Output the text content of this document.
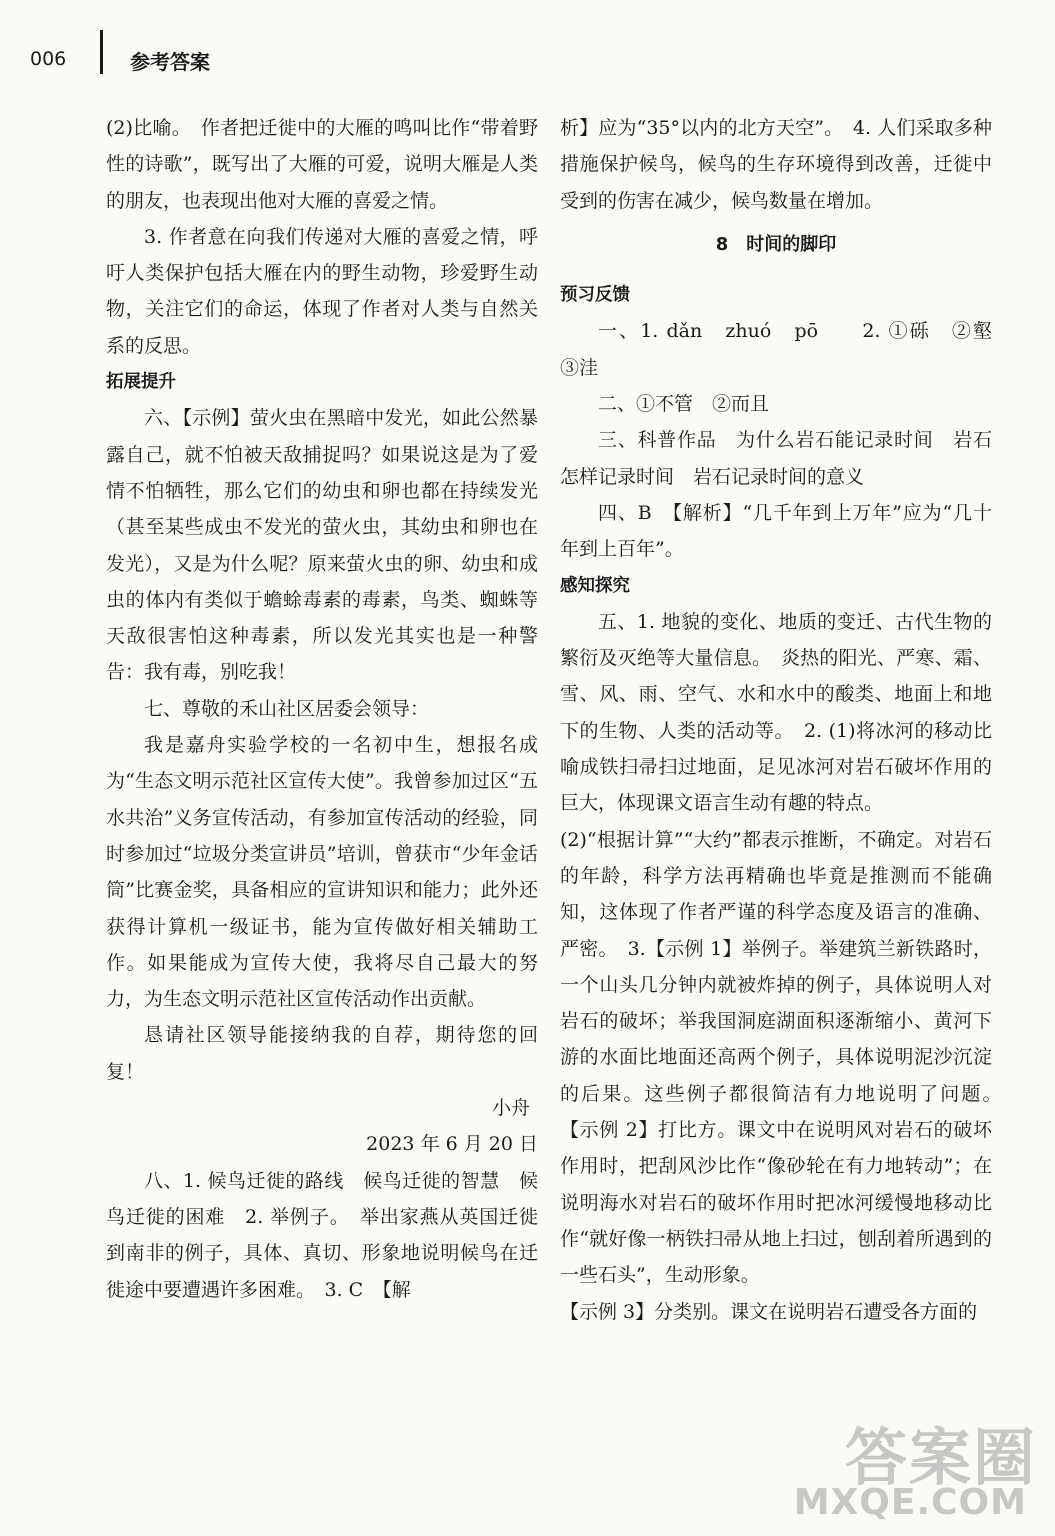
006	参考答案

(2)比喻。　作者把迁徙中的大雁的鸣叫比作“带着野性的诗歌”，既写出了大雁的可爱，说明大雁是人类的朋友，也表现出他对大雁的喜爱之情。

3. 作者意在向我们传递对大雁的喜爱之情，呼吁人类保护包括大雁在内的野生动物，珍爱野生动物，关注它们的命运，体现了作者对人类与自然关系的反思。

拓展提升

六、【示例】萤火虫在黑暗中发光，如此公然暴露自己，就不怕被天敌捕捉吗？如果说这是为了爱情不怕牺牲，那么它们的幼虫和卵也都在持续发光（甚至某些成虫不发光的萤火虫，其幼虫和卵也在发光），又是为什么呢？原来萤火虫的卵、幼虫和成虫的体内有类似于蟾蜍毒素的毒素，鸟类、蜘蛛等天敌很害怕这种毒素，所以发光其实也是一种警告：我有毒，别吃我！

七、尊敬的禾山社区居委会领导：

我是嘉舟实验学校的一名初中生，想报名成为“生态文明示范社区宣传大使”。我曾参加过区“五水共治”义务宣传活动，有参加宣传活动的经验，同时参加过“垃圾分类宣讲员”培训，曾获市“少年金话筒”比赛金奖，具备相应的宣讲知识和能力；此外还获得计算机一级证书，能为宣传做好相关辅助工作。如果能成为宣传大使，我将尽自己最大的努力，为生态文明示范社区宣传活动作出贡献。

恳请社区领导能接纳我的自荐，期待您的回复！

小舟

2023 年 6 月 20 日

八、1. 候鸟迁徙的路线　候鸟迁徙的智慧　候鸟迁徙的困难　2. 举例子。　举出家燕从英国迁徙到南非的例子，具体、真切、形象地说明候鸟在迁徙途中要遭遇许多困难。　3. C　【解

析】应为“35°以内的北方天空”。　4. 人们采取多种措施保护候鸟，候鸟的生存环境得到改善，迁徙中受到的伤害在减少，候鸟数量在增加。

8　时间的脚印

预习反馈

一、1. dǎn　zhuó　pō　　2. ①砾　②壑　③洼

二、①不管　②而且

三、科普作品　为什么岩石能记录时间　岩石怎样记录时间　岩石记录时间的意义

四、B　【解析】“几千年到上万年”应为“几十年到上百年”。

感知探究

五、1. 地貌的变化、地质的变迁、古代生物的繁衍及灭绝等大量信息。　炎热的阳光、严寒、霜、雪、风、雨、空气、水和水中的酸类、地面上和地下的生物、人类的活动等。　2. (1)将冰河的移动比喻成铁扫帚扫过地面，足见冰河对岩石破坏作用的巨大，体现课文语言生动有趣的特点。

(2)“根据计算”“大约”都表示推断，不确定。对岩石的年龄，科学方法再精确也毕竟是推测而不能确知，这体现了作者严谨的科学态度及语言的准确、严密。　3.【示例 1】举例子。举建筑兰新铁路时，一个山头几分钟内就被炸掉的例子，具体说明人对岩石的破坏；举我国洞庭湖面积逐渐缩小、黄河下游的水面比地面还高两个例子，具体说明泥沙沉淀的后果。这些例子都很简洁有力地说明了问题。　【示例 2】打比方。课文中在说明风对岩石的破坏作用时，把刮风沙比作“像砂轮在有力地转动”；在说明海水对岩石的破坏作用时把冰河缓慢地移动比作“就好像一柄铁扫帚从地上扫过，刨刮着所遇到的一些石头”，生动形象。

【示例 3】分类别。课文在说明岩石遭受各方面的

答案圈
MXQE.COM
